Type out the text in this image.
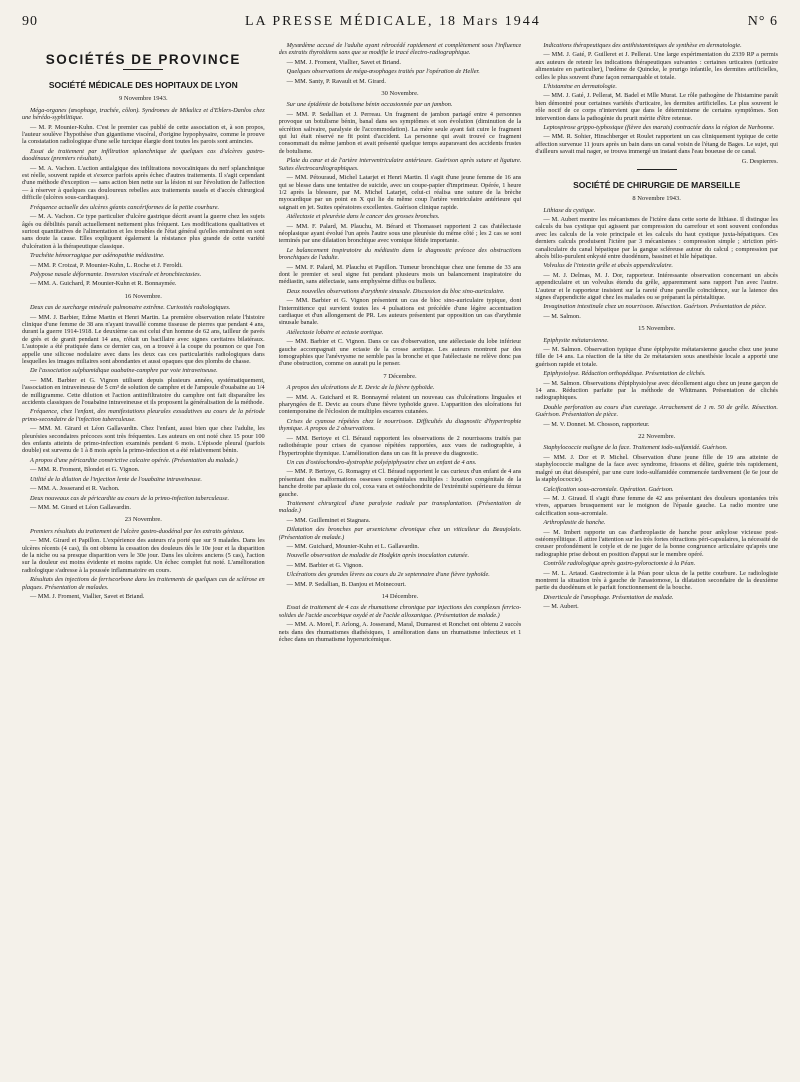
90	LA PRESSE MÉDICALE, 18 Mars 1944	N° 6
SOCIÉTÉS DE PROVINCE
SOCIÉTÉ MÉDICALE DES HOPITAUX DE LYON
9 Novembre 1943.

Méga-organes (œsophage, trachée, côlon). Syndromes de Mikulicz et d'Ehlers-Danlos chez une hérédo-syphilitique.

— M. P. Mounier-Kuhn. C'est le premier cas publié de cette association et, à son propos, l'auteur soulève l'hypothèse d'un gigantisme viscéral, d'origine hypophysaire, comme le prouve la constatation radiologique d'une selle turcique élargie dont toutes les parois sont amincies.

Essai de traitement par infiltration splanchnique de quelques cas d'ulcères gastro-duodénaux (premiers résultats).

— M. A. Vachon. L'action antialgique des infiltrations novocaïniques du nerf splanchnique est réelle, souvent rapide et s'exerce parfois après échec d'autres traitements. Il s'agit cependant d'une méthode d'exception — sans action bien nette sur la lésion ni sur l'évolution de l'affection — à réserver à quelques cas douloureux rebelles aux traitements usuels et d'accès chirurgical difficile (ulcères sous-cardiaques).

Fréquence actuelle des ulcères géants cancériformes de la petite courbure.

— M. A. Vachon. Ce type particulier d'ulcère gastrique décrit avant la guerre chez les sujets âgés ou débilités paraît actuellement nettement plus fréquent. Les modifications qualitatives et surtout quantitatives de l'alimentation et les troubles de l'état général qu'elles entraînent en sont sans doute la cause. Elles expliquent également la résistance plus grande de cette variété d'ulcération à la thérapeutique classique.

Trachéite hémorragique par adénopathie médiastine.

— MM. P. Croizat, P. Mounier-Kuhn, L. Roche et J. Feroldi.

Polypose nasale déformante. Inversion viscérale et bronchiectasies.

— MM. A. Guichard, P. Mounier-Kuhn et R. Bonnaymée.

16 Novembre.

Deux cas de surcharge minérale pulmonaire extrême. Curiosités radiologiques.

— MM. J. Barbier, Edme Martin et Henri Martin. La première observation relate l'histoire clinique d'une femme de 38 ans n'ayant travaillé comme tisseuse de pierres que pendant 4 ans, durant la guerre 1914-1918. Le deuxième cas est celui d'un homme de 62 ans, tailleur de pavés de grès et de granit pendant 14 ans, n'était un bacillaire avec signes cavitaires bilatéraux. L'autopsie a été pratiquée dans ce dernier cas, on a trouvé à la coupe du poumon ce que l'on appelle une silicose nodulaire avec dans les deux cas ces particularités radiologiques dans lesquelles les images miliaires sont abondantes et aussi opaques que des plombs de chasse.

De l'association sulphamidique ouabaïne-camphre par voie intraveineuse.

— MM. Barbier et G. Vignon utilisent depuis plusieurs années, systématiquement, l'association en intraveineuse de 5 cm³ de solution de camphre et de l'ampoule d'ouabaïne au 1/4 de milligramme. Cette dilution et l'action antiinfiltratoire du camphre ont fait disparaître les accidents classiques de l'ouabaïne intraveineuse et ils proposent la généralisation de la méthode.

Fréquence, chez l'enfant, des manifestations pleurales exsudatives au cours de la période primo-secondaire de l'infection tuberculeuse.

— MM. M. Girard et Léon Gallavardin. Chez l'enfant, aussi bien que chez l'adulte, les pleurésies secondaires précoces sont très fréquentes. Les auteurs en ont noté chez 15 pour 100 des enfants atteints de primo-infection examinés pendant 6 mois. L'épisode pleural (parfois double) est survenu de 1 à 8 mois après la primo-infection et a été relativement bénin.

A propos d'une péricardite constrictive calcaire opérée. (Présentation du malade.)

— MM. R. Froment, Blondet et G. Vignon.

Utilité de la dilution de l'injection lente de l'ouabaïne intraveineuse.

— MM. A. Josserand et R. Vachon.

Deux nouveaux cas de péricardite au cours de la primo-infection tuberculeuse.

— MM. M. Girard et Léon Gallavardin.

23 Novembre.

Premiers résultats du traitement de l'ulcère gastro-duodénal par les extraits géniaux.

— MM. Girard et Papillon. L'expérience des auteurs n'a porté que sur 9 malades. Dans les ulcères récents (4 cas), ils ont obtenu la cessation des douleurs dès le 10e jour et la disparition de la niche ou sa presque disparition vers le 30e jour. Dans les ulcères anciens (5 cas), l'action sur la douleur est moins évidente et moins rapide. Un échec complet fut noté. L'amélioration radiologique s'adresse à la poussée inflammatoire en cours.

Résultats des injections de ferriscorbone dans les traitements de quelques cas de sclérose en plaques. Présentation de malades.

— MM. J. Froment, Viallier, Savet et Briand.

Myxœdème accusé de l'adulte ayant rétrocédé rapidement et complètement sous l'influence des extraits thyroïdiens sans que se modifie le tracé électro-radiographique.

— MM. J. Froment, Viallier, Savet et Briand.

Quelques observations de méga-œsophages traités par l'opération de Heller.

— MM. Santy, P. Ravault et M. Girard.

30 Novembre.

Sur une épidémie de botulisme bénin occasionnée par un jambon.

— MM. P. Sedallian et J. Perreau. Un fragment de jambon partagé entre 4 personnes provoque un botulisme bénin, banal dans ses symptômes et son évolution (diminution de la sécrétion salivaire, paralysie de l'accommodation). La mère seule ayant fait cuire le fragment qui lui était réservé ne fit point d'accident. La personne qui avait trouvé ce fragment consommait du même jambon et avait présenté quelque temps auparavant des accidents frustes de botulisme.

Plaie du cœur et de l'artère interventriculaire antérieure. Guérison après suture et ligature. Suites électrocardiographiques.

— MM. Pétouraud, Michel Latarjet et Henri Martin. Il s'agit d'une jeune femme de 16 ans qui se blesse dans une tentative de suicide, avec un coupe-papier d'imprimeur. Opérée, 1 heure 1/2 après la blessure, par M. Michel Latarjet, celui-ci réalisa une suture de la brèche myocardique par un point en X qui lie du même coup l'artère ventriculaire antérieure qui saignait en jet. Suites opératoires excellentes. Guérison clinique rapide.

Atélectasie et pleurésie dans le cancer des grosses bronches.

— MM. F. Palard, M. Plauchu, M. Bérard et Thomasset rapportent 2 cas d'atélectasie néoplasique ayant évolué l'un après l'autre sous une pleurésie du même côté ; les 2 cas se sont terminés par une dilatation bronchique avec vomique fétide importante.

Le balancement inspiratoire du médiastin dans le diagnostic précoce des obstructions bronchiques de l'adulte.

— MM. F. Palard, M. Plauchu et Papillon. Tumeur bronchique chez une femme de 33 ans dont le premier et seul signe fut pendant plusieurs mois un balancement inspiratoire du médiastin, sans atélectasie, sans emphysème diffus ou bulleux.

Deux nouvelles observations d'arythmie sinusale. Discussion du bloc sino-auriculaire.

— MM. Barbier et G. Vignon présentent un cas de bloc sino-auriculaire typique, dont l'intermittence qui survient toutes les 4 pulsations est précédée d'une légère accentuation cardiaque et d'un allongement de PR. Les auteurs présentent par opposition un cas d'arythmie sinusale banale.

Atélectasie lobaire et ectasie aortique.

— MM. Barbier et C. Vignon. Dans ce cas d'observation, une atélectasie du lobe inférieur gauche accompagnait une ectasie de la crosse aortique. Les auteurs montrent par des tomographies que l'anévrysme ne semble pas la bronche et que l'atélectasie ne relève donc pas d'une obstruction, comme on aurait pu le penser.

7 Décembre.

A propos des ulcérations de E. Devic de la fièvre typhoïde.

— MM. A. Guichard et R. Bonnaymé relatent un nouveau cas d'ulcérations linguales et pharyngées de E. Devic au cours d'une fièvre typhoïde grave. L'apparition des ulcérations fut contemporaine de l'éclosion de multiples escarres cutanées.

Crises de cyanose répétées chez le nourrisson. Difficultés du diagnostic d'hypertrophie thymique. A propos de 2 observations.

— MM. Bertoye et Cl. Béraud rapportent les observations de 2 nourrissons traités par radiothérapie pour crises de cyanose répétées rapportées, aux vues de radiographie, à l'hypertrophie thymique. L'amélioration dans un cas fit la preuve du diagnostic.

Un cas d'ostéochondro-dystrophie polyépiphysaire chez un enfant de 4 ans.

— MM. P. Bertoye, G. Romagny et Cl. Béraud rapportent le cas curieux d'un enfant de 4 ans présentant des malformations osseuses congénitales multiples : luxation congénitale de la hanche droite par aplasie du col, coxa vara et ostéochondrite de l'extrémité supérieure du fémur gauche.

Traitement chirurgical d'une paralysie radiale par transplantation. (Présentation de malade.)

— MM. Guilleminet et Stagnara.

Dilatation des bronches par arsenicisme chronique chez un viticulteur du Beaujolais. (Présentation de malade.)

— MM. Guichard, Mounier-Kuhn et L. Gallavardin.

Nouvelle observation de maladie de Hodgkin après inoculation cutanée.

— MM. Barbier et G. Vignon.

Ulcérations des grandes lèvres au cours du 2e septennaire d'une fièvre typhoïde.

— MM. P. Sedallian, B. Danjou et Moinecourt.

14 Décembre.

Essai de traitement de 4 cas de rhumatisme chronique par injections des complexes ferrico-solides de l'acide ascorbique oxydé et de l'acide alloxanique. (Présentation de malade.)

— MM. A. Morel, F. Arlong, A. Josserand, Maral, Dumarest et Ronchet ont obtenu 2 succès nets dans des rhumatismes diathésiques, 1 amélioration dans un rhumatisme infectieux et 1 échec dans un rhumatisme hyperuricémique.

Indications thérapeutiques des antihistaminiques de synthèse en dermatologie.

— MM. J. Gaté, P. Guilleret et J. Pellerat. Une large expérimentation du 2339 RP a permis aux auteurs de retenir les indications thérapeutiques suivantes : certaines urticaires (urticaire alimentaire en particulier), l'œdème de Quincke, le prurigo infantile, les dermites artificielles, celles le plus souvent d'une façon remarquable et totale.

L'histamine en dermatologie.

— MM. J. Gaté, J. Pellerat, M. Badel et Mlle Murat. Le rôle pathogène de l'histamine paraît bien démontré pour certaines variétés d'urticaire, les dermites artificielles. Le plus souvent le rôle nocif de ce corps n'intervient que dans le déterminisme de certains symptômes. Son intervention dans la pathogénie du prurit mérite d'être retenue.

Leptospirose grippo-typhosique (fièvre des marais) contractée dans la région de Narbonne.

— MM. R. Sohier, Hinschberger et Roulet rapportent un cas cliniquement typique de cette affection survenue 11 jours après un bain dans un canal voisin de l'étang de Bages. Le sujet, qui d'ailleurs savait mal nager, se trouva immergé un instant dans l'eau boueuse de ce canal.

G. Despierres.
SOCIÉTÉ DE CHIRURGIE DE MARSEILLE
8 Novembre 1943.

Lithiase du cystique.

— M. Aubert montre les mécanismes de l'ictère dans cette sorte de lithiase. Il distingue les calculs du bas cystique qui agissent par compression du carrefour et sont souvent confondus avec les calculs de la voie principale et les calculs du haut cystique juxta-hépatiques. Ces derniers calculs produisent l'ictère par 3 mécanismes : compression simple ; striction péri-canaliculaire du canal hépatique par la gangue scléreuse autour du calcul ; compression par abcès bilio-purulent enkysté entre duodénum, bassinet et hile hépatique.

Volvulus de l'intestin grêle et abcès appendiculaire.

— M. J. Delmas, M. J. Dor, rapporteur. Intéressante observation concernant un abcès appendiculaire et un volvulus étendu du grêle, apparemment sans rapport l'un avec l'autre. L'auteur et le rapporteur insistent sur la rareté d'une pareille coïncidence, sur la latence des signes d'appendicite aiguë chez les malades ou se préparant la péristaltique.

Invagination intestinale chez un nourrisson. Résection. Guérison. Présentation de pièce.

— M. Salmon.

15 Novembre.

Epiphysite métatarsienne.

— M. Salmon. Observation typique d'une épiphysite métatarsienne gauche chez une jeune fille de 14 ans. La réaction de la tête du 2e métatarsien sous anesthésie locale a apporté une guérison rapide et totale.

Epiphysiolyse. Réduction orthopédique. Présentation de clichés.

— M. Salmon. Observations d'épiphysiolyse avec décollement aigu chez un jeune garçon de 14 ans. Réduction parfaite par la méthode de Whitmann. Présentation de clichés radiographiques.

Double perforation au cours d'un curetage. Arrachement de 1 m. 50 de grêle. Résection. Guérison. Présentation de pièce.

— M. V. Donnet. M. Chosson, rapporteur.

22 Novembre.

Staphylococcie maligne de la face. Traitement iodo-sulfamidé. Guérison.

— MM. J. Dor et P. Michel. Observation d'une jeune fille de 19 ans atteinte de staphylococcie maligne de la face avec syndrome, frissons et délire, guérie très rapidement, malgré un état désespéré, par une cure iodo-sulfamidée commencée tardivement (le 6e jour de la staphylococcie).

Calcification sous-acromiale. Opération. Guérison.

— M. J. Giraud. Il s'agit d'une femme de 42 ans présentant des douleurs spontanées très vives, apparues brusquement sur le moignon de l'épaule gauche. La radio montre une calcification sous-acromiale.

Arthroplastie de hanche.

— M. Imbert rapporte un cas d'arthroplastie de hanche pour ankylose vicieuse post-ostéomyélitique. Il attire l'attention sur les très fortes rétractions péri-capsulaires, la nécessité de creuser profondément le cotyle et de ne juger de la bonne congruence articulaire qu'après une radiographie prise debout en position d'appui sur le membre opéré.

Contrôle radiologique après gastro-pyloroctomie à la Péan.

— M. L. Artaud. Gastrectomie à la Péan pour ulcus de la petite courbure. Le radiologiste montrent la situation très à gauche de l'anastomose, la dilatation secondaire de la deuxième partie du duodénum et le parfait fonctionnement de la bouche.

Diverticule de l'œsophage. Présentation de malade.

— M. Aubert.
